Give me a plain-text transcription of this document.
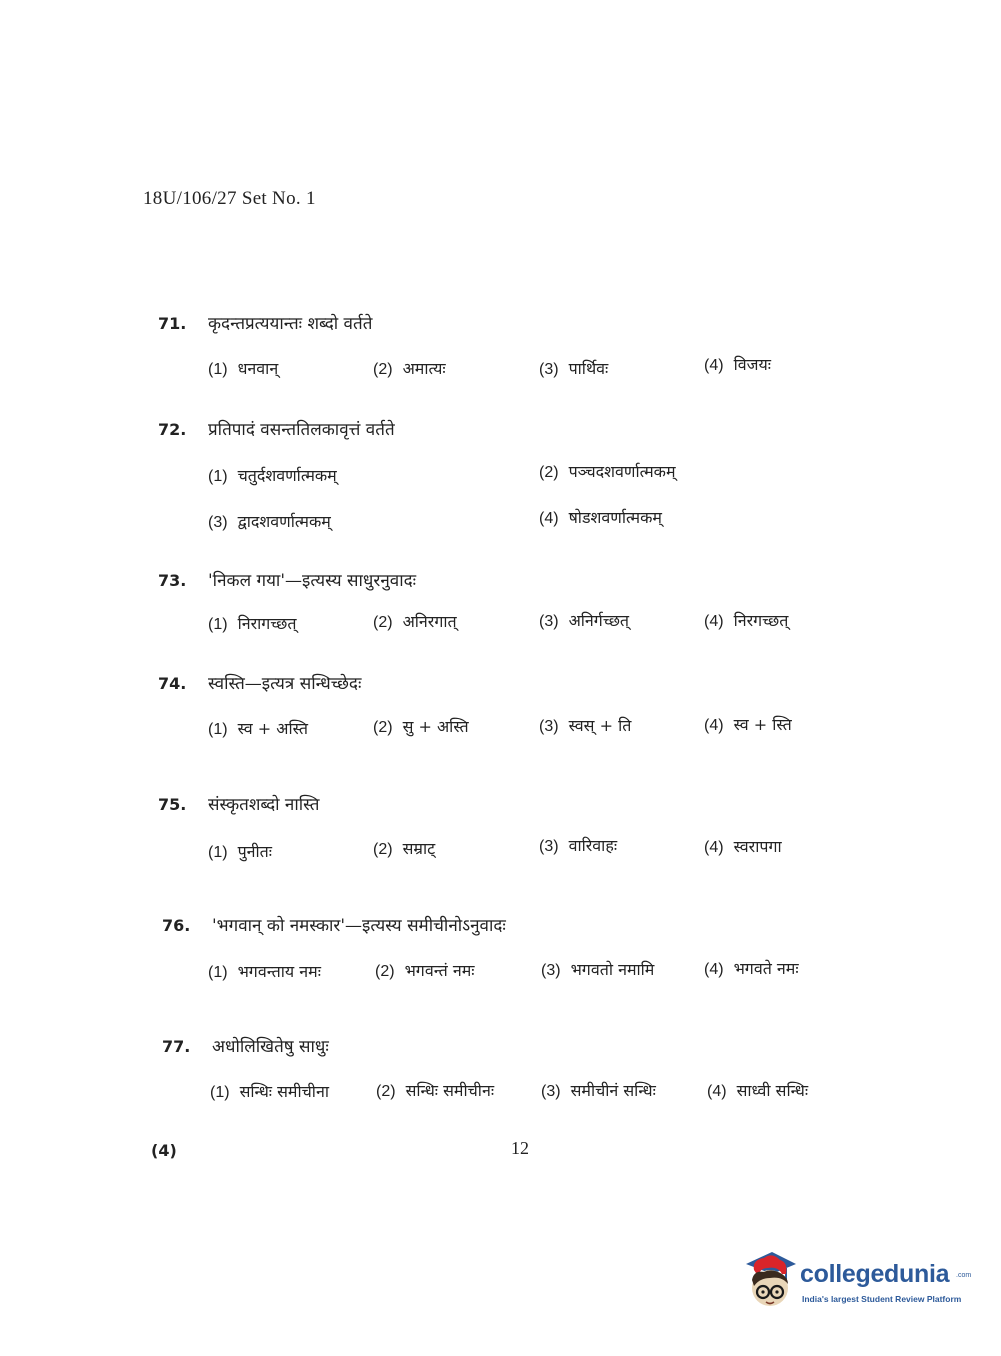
18U/106/27 Set No. 1
71. कृदन्तप्रत्ययान्तः शब्दो वर्तते
(1) धनवान्	(2) अमात्यः	(3) पार्थिवः	(4) विजयः
72. प्रतिपादं वसन्ततिलकावृत्तं वर्तते
(1) चतुर्दशवर्णात्मकम्	(2) पञ्चदशवर्णात्मकम्
(3) द्वादशवर्णात्मकम्	(4) षोडशवर्णात्मकम्
73. 'निकल गया'—इत्यस्य साधुरनुवादः
(1) निरागच्छत्	(2) अनिरगात्	(3) अनिर्गच्छत्	(4) निरगच्छत्
74. स्वस्ति—इत्यत्र सन्धिच्छेदः
(1) स्व + अस्ति	(2) सु + अस्ति	(3) स्वस् + ति	(4) स्व + स्ति
75. संस्कृतशब्दो नास्ति
(1) पुनीतः	(2) सम्राट्	(3) वारिवाहः	(4) स्वरापगा
76. 'भगवान् को नमस्कार'—इत्यस्य समीचीनोऽनुवादः
(1) भगवन्ताय नमः	(2) भगवन्तं नमः	(3) भगवतो नमामि	(4) भगवते नमः
77. अधोलिखितेषु साधुः
(1) सन्धिः समीचीना	(2) सन्धिः समीचीनः	(3) समीचीनं सन्धिः	(4) साध्वी सन्धिः
(4)	12
collegedunia .com
India's largest Student Review Platform
